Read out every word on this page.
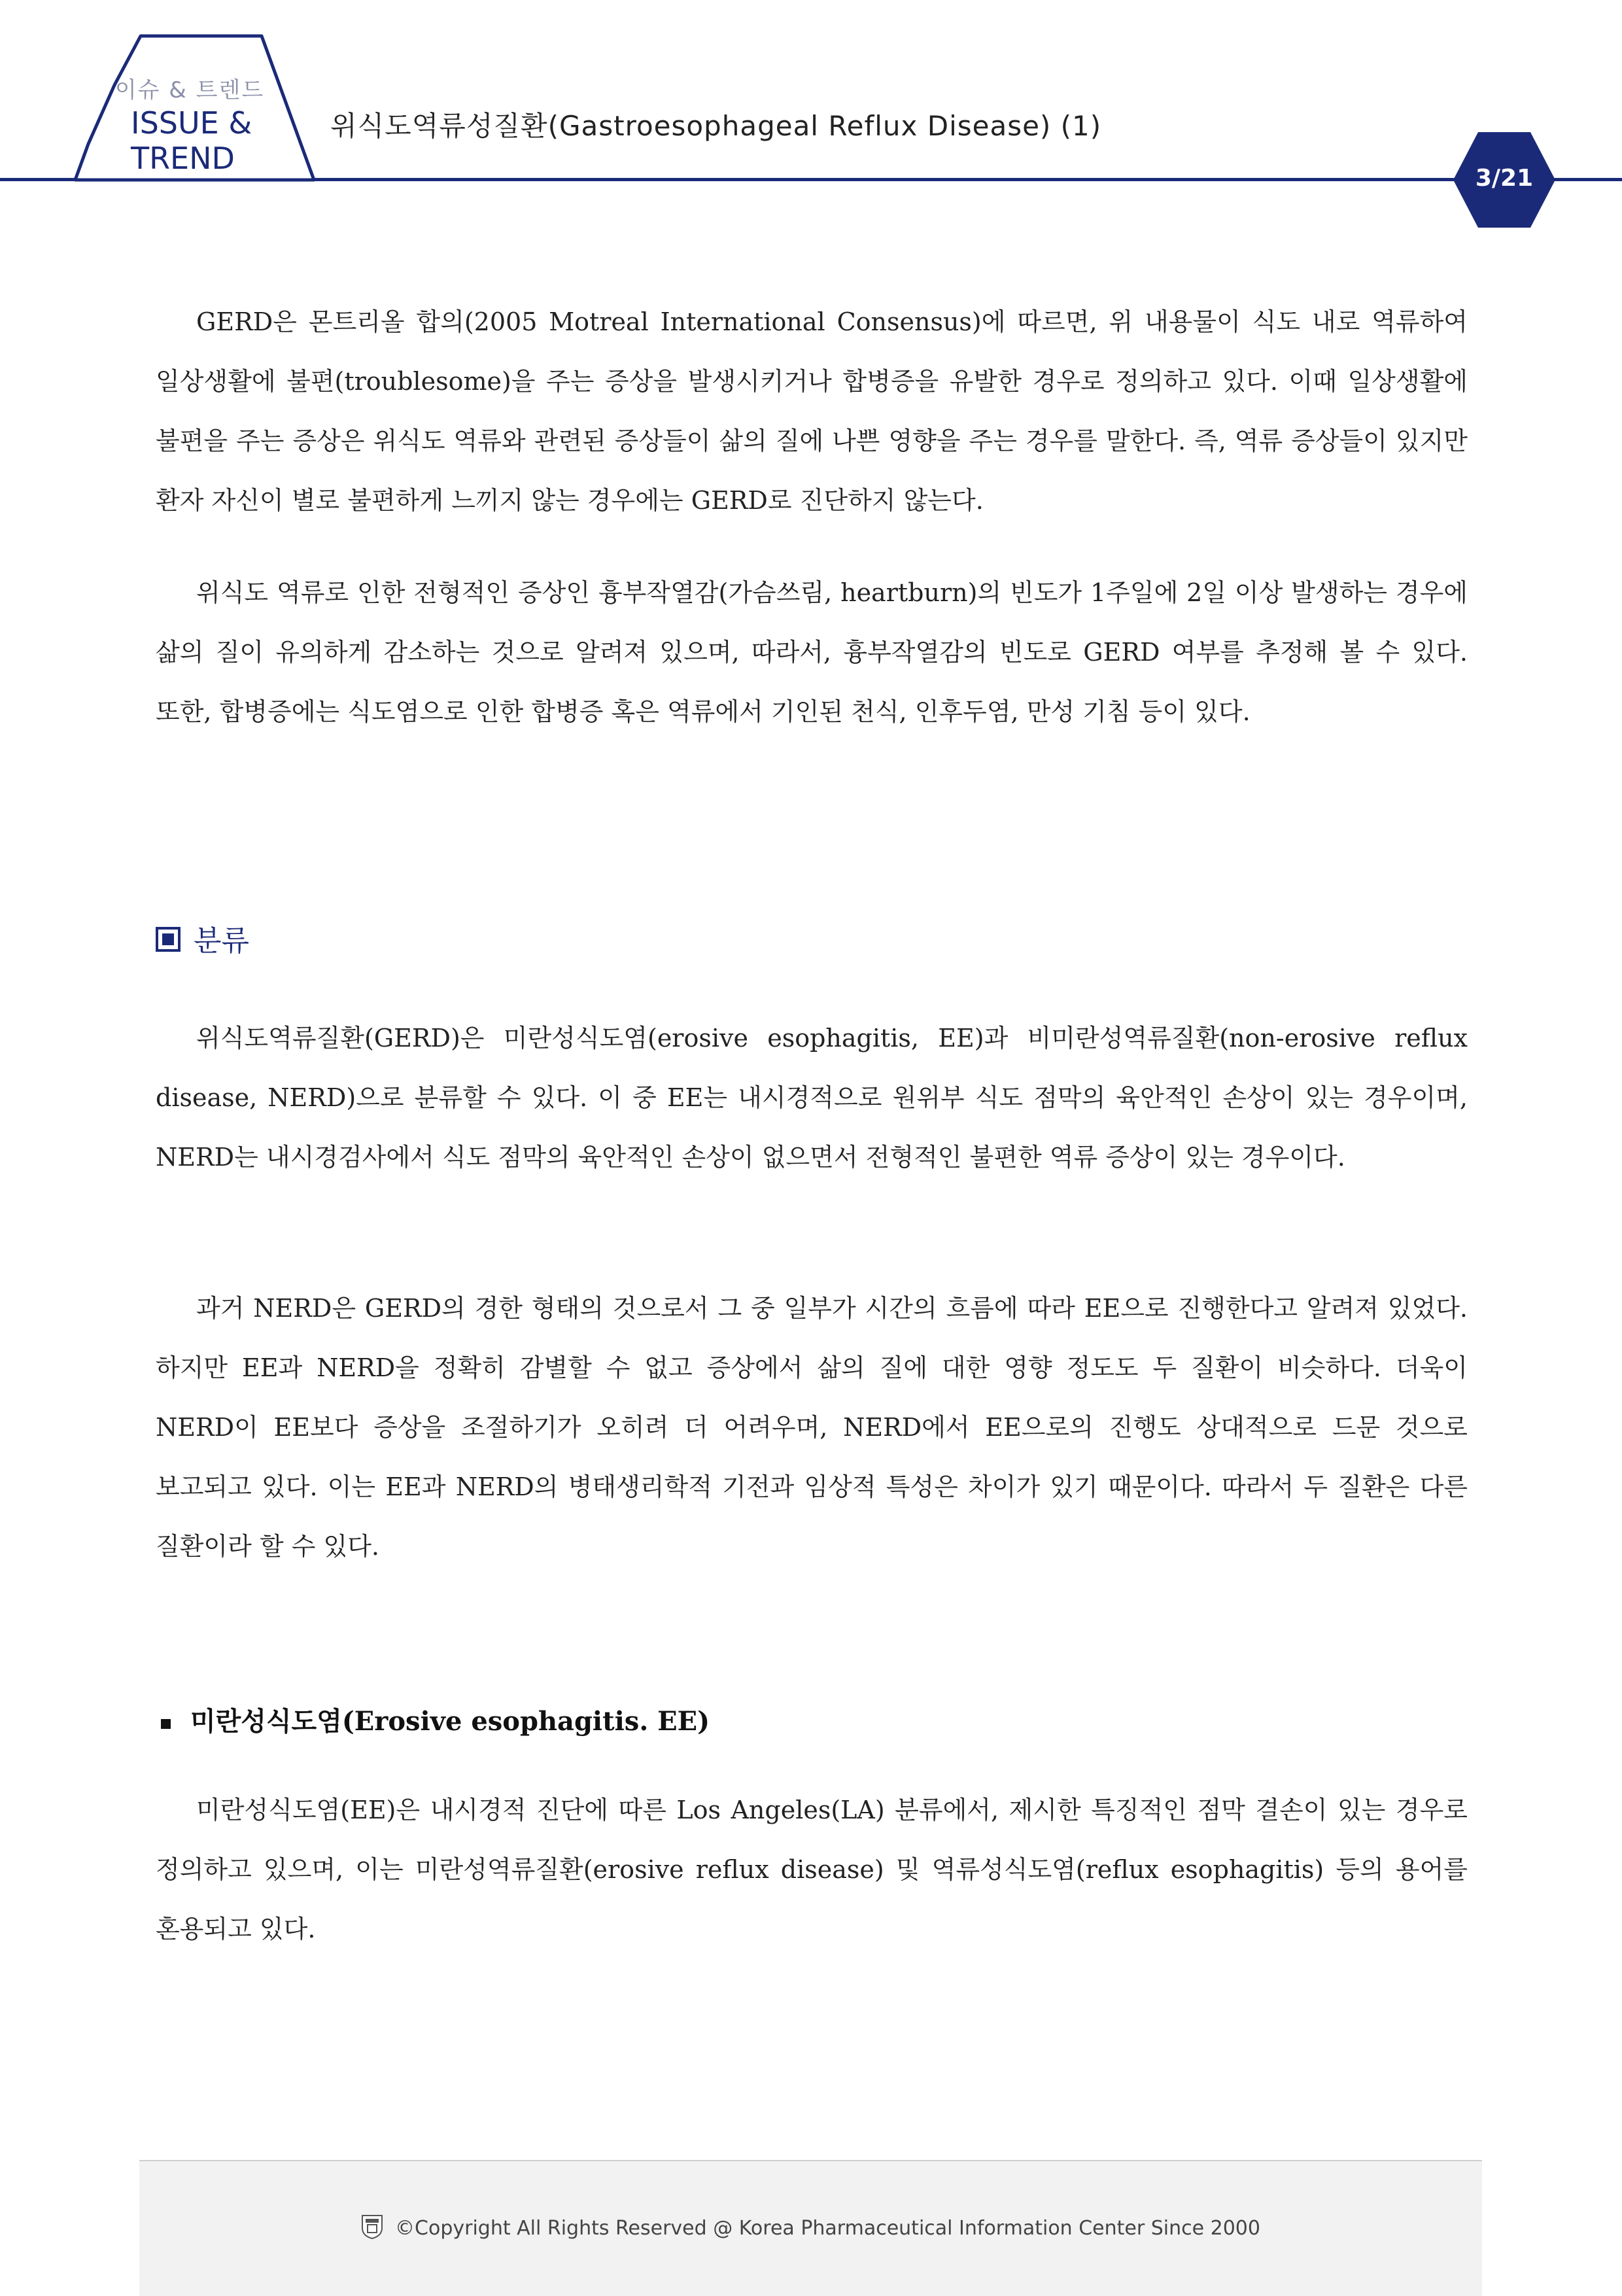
이슈 & 트렌드
ISSUE &
TREND
위식도역류성질환(Gastroesophageal Reflux Disease) (1)
3/21

GERD은 몬트리올 합의(2005 Motreal International Consensus)에 따르면, 위 내용물이 식도 내로 역류하여 일상생활에 불편(troublesome)을 주는 증상을 발생시키거나 합병증을 유발한 경우로 정의하고 있다. 이때 일상생활에 불편을 주는 증상은 위식도 역류와 관련된 증상들이 삶의 질에 나쁜 영향을 주는 경우를 말한다. 즉, 역류 증상들이 있지만 환자 자신이 별로 불편하게 느끼지 않는 경우에는 GERD로 진단하지 않는다.

위식도 역류로 인한 전형적인 증상인 흉부작열감(가슴쓰림, heartburn)의 빈도가 1주일에 2일 이상 발생하는 경우에 삶의 질이 유의하게 감소하는 것으로 알려져 있으며, 따라서, 흉부작열감의 빈도로 GERD 여부를 추정해 볼 수 있다. 또한, 합병증에는 식도염으로 인한 합병증 혹은 역류에서 기인된 천식, 인후두염, 만성 기침 등이 있다.

분류

위식도역류질환(GERD)은 미란성식도염(erosive esophagitis, EE)과 비미란성역류질환(non-erosive reflux disease, NERD)으로 분류할 수 있다. 이 중 EE는 내시경적으로 원위부 식도 점막의 육안적인 손상이 있는 경우이며, NERD는 내시경검사에서 식도 점막의 육안적인 손상이 없으면서 전형적인 불편한 역류 증상이 있는 경우이다.

과거 NERD은 GERD의 경한 형태의 것으로서 그 중 일부가 시간의 흐름에 따라 EE으로 진행한다고 알려져 있었다. 하지만 EE과 NERD을 정확히 감별할 수 없고 증상에서 삶의 질에 대한 영향 정도도 두 질환이 비슷하다. 더욱이 NERD이 EE보다 증상을 조절하기가 오히려 더 어려우며, NERD에서 EE으로의 진행도 상대적으로 드문 것으로 보고되고 있다. 이는 EE과 NERD의 병태생리학적 기전과 임상적 특성은 차이가 있기 때문이다. 따라서 두 질환은 다른 질환이라 할 수 있다.

미란성식도염(Erosive esophagitis. EE)

미란성식도염(EE)은 내시경적 진단에 따른 Los Angeles(LA) 분류에서, 제시한 특징적인 점막 결손이 있는 경우로 정의하고 있으며, 이는 미란성역류질환(erosive reflux disease) 및 역류성식도염(reflux esophagitis) 등의 용어를 혼용되고 있다.

©Copyright All Rights Reserved @ Korea Pharmaceutical Information Center Since 2000
